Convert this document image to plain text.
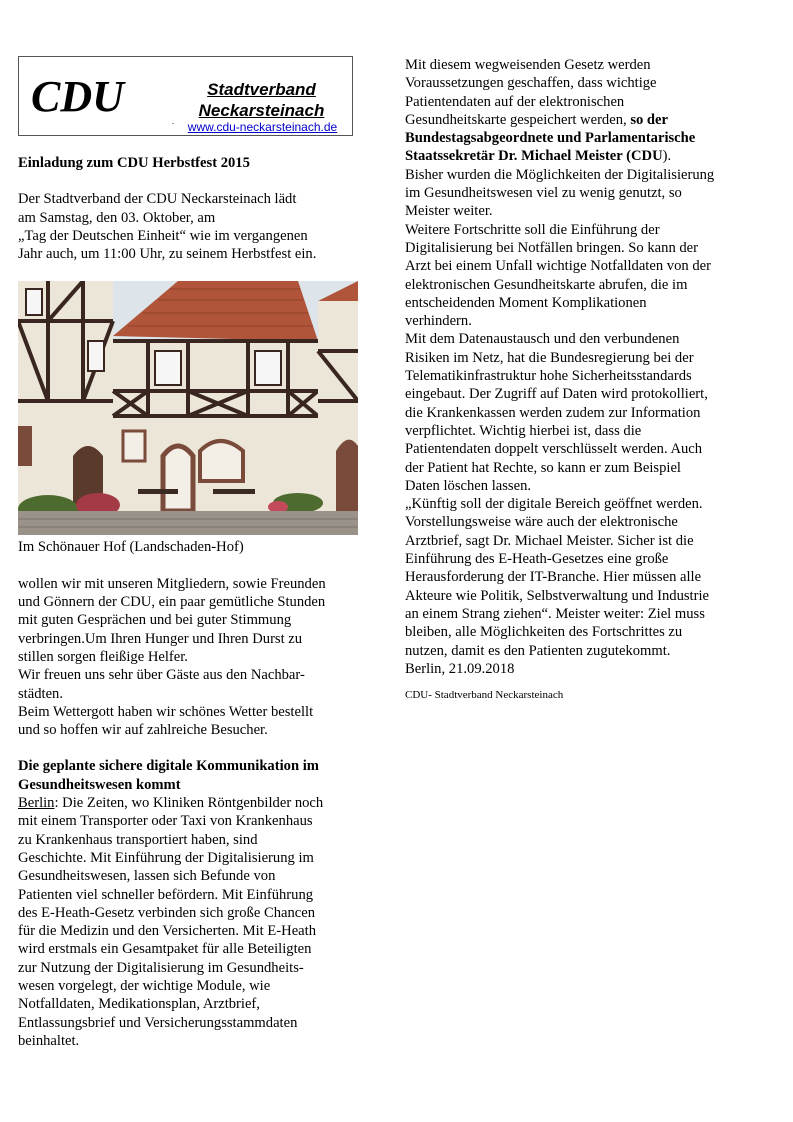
CDU	Stadtverband
Neckarsteinach
.	www.cdu-neckarsteinach.de

Einladung zum CDU Herbstfest 2015

Der Stadtverband der CDU Neckarsteinach lädt

am Samstag, den 03. Oktober, am

„Tag der Deutschen Einheit“ wie im vergangenen

Jahr auch, um 11:00 Uhr, zu seinem Herbstfest ein.

Im Schönauer Hof (Landschaden-Hof)

wollen wir mit unseren Mitgliedern, sowie Freunden

und Gönnern der CDU, ein paar gemütliche Stunden

mit guten Gesprächen und bei guter Stimmung

verbringen.Um Ihren Hunger und Ihren Durst zu

stillen sorgen fleißige Helfer.

Wir freuen uns sehr über Gäste aus den Nachbar-

städten.

Beim Wettergott haben wir schönes Wetter bestellt

und so hoffen wir auf zahlreiche Besucher.

Die geplante sichere digitale Kommunikation im

Gesundheitswesen kommt

Berlin: Die Zeiten, wo Kliniken Röntgenbilder noch

mit einem Transporter oder Taxi von Krankenhaus

zu Krankenhaus transportiert haben, sind

Geschichte. Mit Einführung der Digitalisierung im

Gesundheitswesen, lassen sich Befunde von

Patienten viel schneller befördern. Mit Einführung

des E-Heath-Gesetz verbinden sich große Chancen

für die Medizin und den Versicherten. Mit E-Heath

wird erstmals ein Gesamtpaket für alle Beteiligten

zur Nutzung der Digitalisierung im Gesundheits-

wesen vorgelegt, der wichtige Module, wie

Notfalldaten, Medikationsplan, Arztbrief,

Entlassungsbrief und Versicherungsstammdaten

beinhaltet.

Mit diesem wegweisenden Gesetz werden

Voraussetzungen geschaffen, dass wichtige

Patientendaten auf der elektronischen

Gesundheitskarte gespeichert werden, so der

Bundestagsabgeordnete und Parlamentarische

Staatssekretär Dr. Michael Meister (CDU).

Bisher wurden die Möglichkeiten der Digitalisierung

im Gesundheitswesen viel zu wenig genutzt, so

Meister weiter.

Weitere Fortschritte soll die Einführung der

Digitalisierung bei Notfällen bringen. So kann der

Arzt bei einem Unfall wichtige Notfalldaten von der

elektronischen Gesundheitskarte abrufen, die im

entscheidenden Moment Komplikationen

verhindern.

Mit dem Datenaustausch und den verbundenen

Risiken im Netz, hat die Bundesregierung bei der

Telematikinfrastruktur hohe Sicherheitsstandards

eingebaut. Der Zugriff auf Daten wird protokolliert,

die Krankenkassen werden zudem zur Information

verpflichtet. Wichtig hierbei ist, dass die

Patientendaten doppelt verschlüsselt werden. Auch

der Patient hat Rechte, so kann er zum Beispiel

Daten löschen lassen.

„Künftig soll der digitale Bereich geöffnet werden.

Vorstellungsweise wäre auch der elektronische

Arztbrief, sagt Dr. Michael Meister. Sicher ist die

Einführung des E-Heath-Gesetzes eine große

Herausforderung der IT-Branche. Hier müssen alle

Akteure wie Politik, Selbstverwaltung und Industrie

an einem Strang ziehen“. Meister weiter: Ziel muss

bleiben, alle Möglichkeiten des Fortschrittes zu

nutzen, damit es den Patienten zugutekommt.

Berlin, 21.09.2018

CDU- Stadtverband Neckarsteinach
